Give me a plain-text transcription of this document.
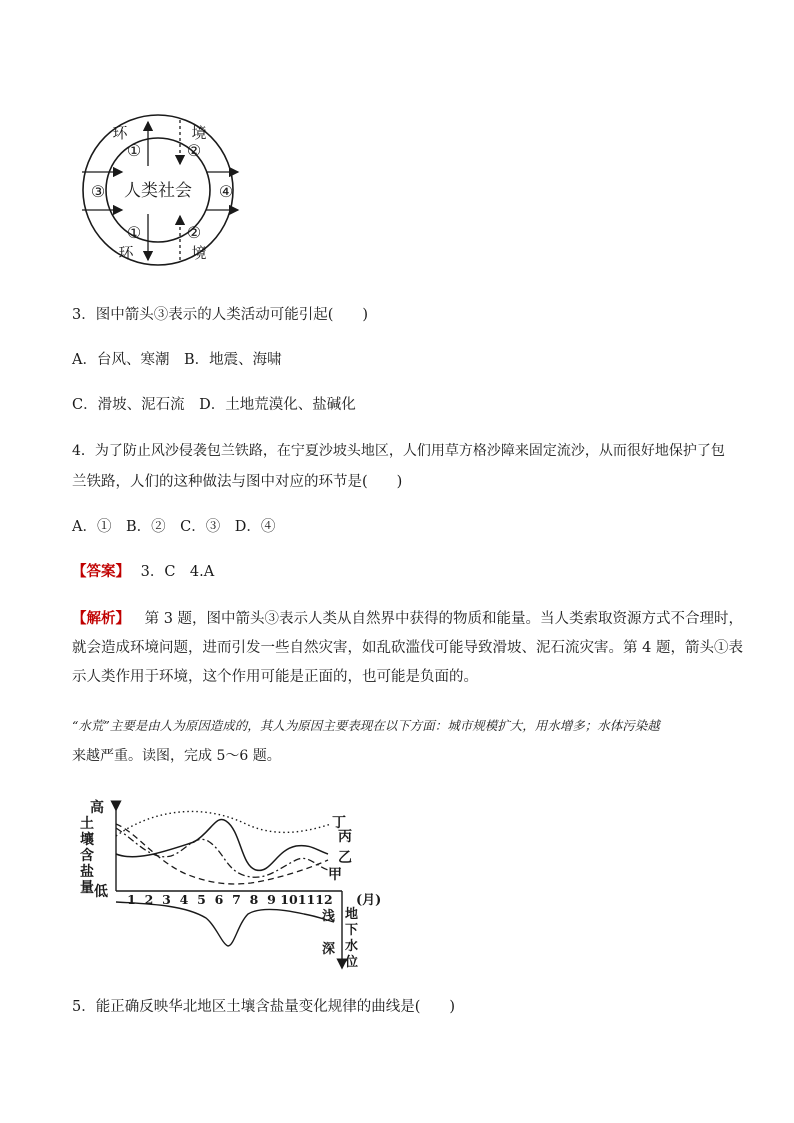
人类社会
环	境
环	境
①	②
③	④
①	②
3．图中箭头③表示的人类活动可能引起(　　)
A．台风、寒潮　B．地震、海啸
C．滑坡、泥石流　D．土地荒漠化、盐碱化
4．为了防止风沙侵袭包兰铁路，在宁夏沙坡头地区，人们用草方格沙障来固定流沙，从而很好地保护了包
兰铁路，人们的这种做法与图中对应的环节是(　　)
A．①　B．②　C．③　D．④
【答案】 3．C　4.A
【解析】 第 3 题，图中箭头③表示人类从自然界中获得的物质和能量。当人类索取资源方式不合理时，
就会造成环境问题，进而引发一些自然灾害，如乱砍滥伐可能导致滑坡、泥石流灾害。第 4 题，箭头①表
示人类作用于环境，这个作用可能是正面的，也可能是负面的。
“水荒”主要是由人为原因造成的，其人为原因主要表现在以下方面：城市规模扩大，用水增多；水体污染越
来越严重。读图，完成 5～6 题。
高
低
土壤含盐量
1 2 3 4 5 6 7 8 9 10 11 12 (月)
浅
深
地下水位
丁
丙
乙
甲
5．能正确反映华北地区土壤含盐量变化规律的曲线是(　　)
